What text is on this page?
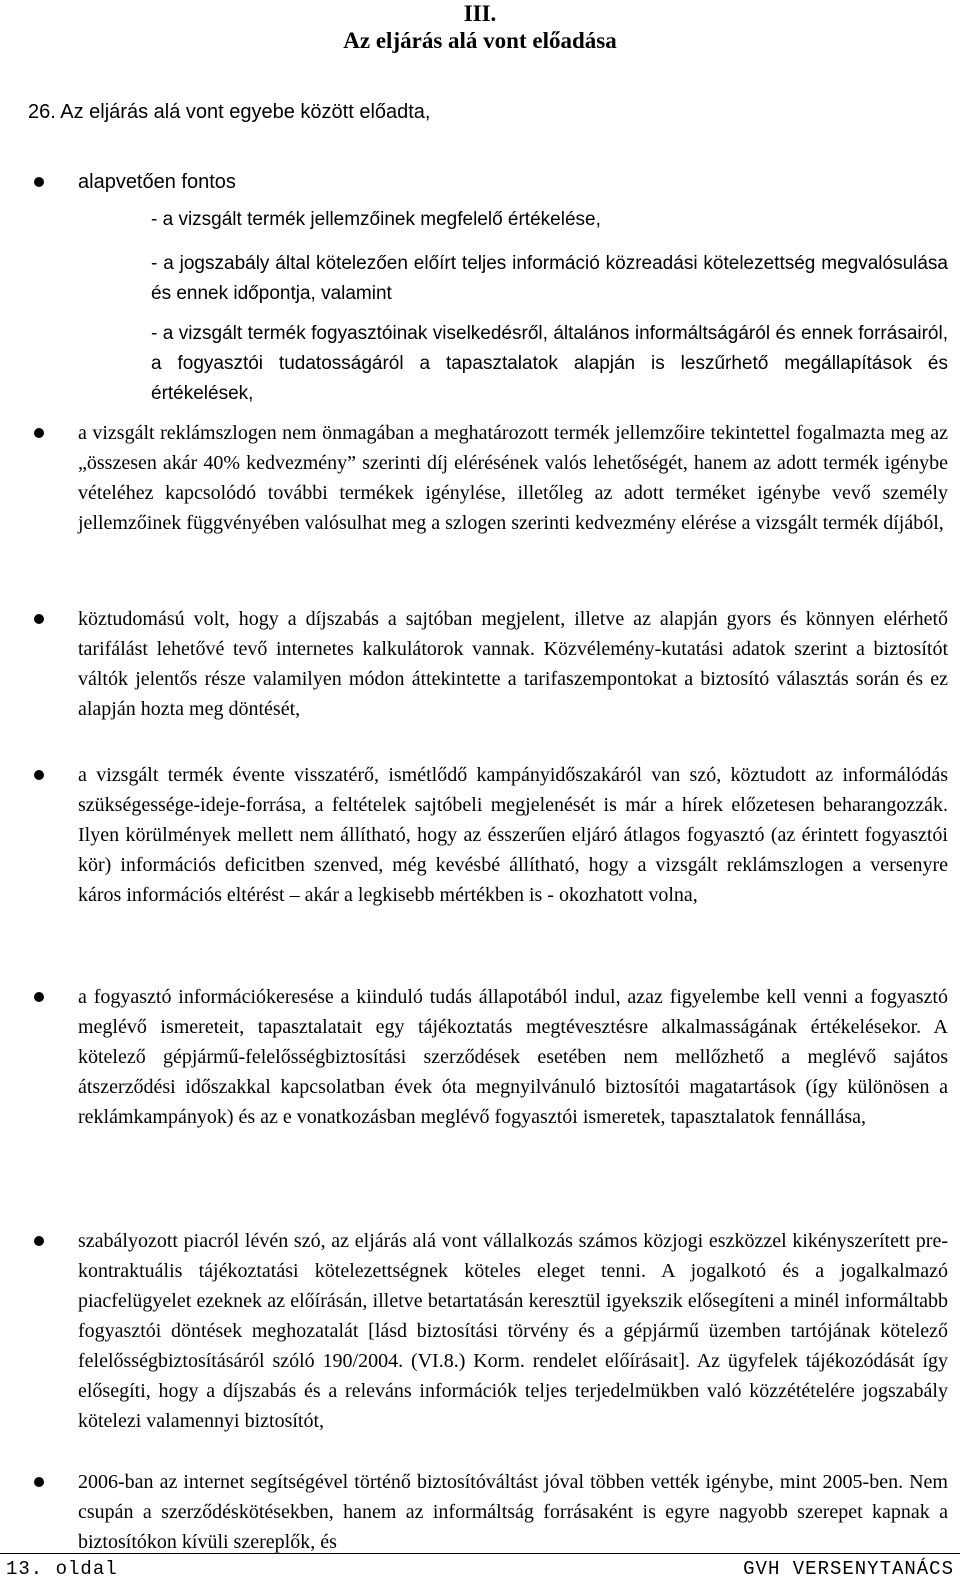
III.
Az eljárás alá vont előadása
26. Az eljárás alá vont egyebe között előadta,
alapvetően fontos
- a vizsgált termék jellemzőinek megfelelő értékelése,
- a jogszabály által kötelezően előírt teljes információ közreadási kötelezettség megvalósulása és ennek időpontja, valamint
- a vizsgált termék fogyasztóinak viselkedésről, általános informáltságáról és ennek forrásairól, a fogyasztói tudatosságáról a tapasztalatok alapján is leszűrhető megállapítások és értékelések,
a vizsgált reklámszlogen nem önmagában a meghatározott termék jellemzőire tekintettel fogalmazta meg az „összesen akár 40% kedvezmény” szerinti díj elérésének valós lehetőségét, hanem az adott termék igénybe vételéhez kapcsolódó további termékek igénylése, illetőleg az adott terméket igénybe vevő személy jellemzőinek függvényében valósulhat meg a szlogen szerinti kedvezmény elérése a vizsgált termék díjából,
köztudomású volt, hogy a díjszabás a sajtóban megjelent, illetve az alapján gyors és könnyen elérhető tarifálást lehetővé tevő internetes kalkulátorok vannak. Közvélemény-kutatási adatok szerint a biztosítót váltók jelentős része valamilyen módon áttekintette a tarifaszempontokat a biztosító választás során és ez alapján hozta meg döntését,
a vizsgált termék évente visszatérő, ismétlődő kampányidőszakáról van szó, köztudott az informálódás szükségessége-ideje-forrása, a feltételek sajtóbeli megjelenését is már a hírek előzetesen beharangozzák. Ilyen körülmények mellett nem állítható, hogy az ésszerűen eljáró átlagos fogyasztó (az érintett fogyasztói kör) információs deficitben szenved, még kevésbé állítható, hogy a vizsgált reklámszlogen a versenyre káros információs eltérést – akár a legkisebb mértékben is - okozhatott volna,
a fogyasztó információkeresése a kiinduló tudás állapotából indul, azaz figyelembe kell venni a fogyasztó meglévő ismereteit, tapasztalatait egy tájékoztatás megtévesztésre alkalmasságának értékelésekor. A kötelező gépjármű-felelősségbiztosítási szerződések esetében nem mellőzhető a meglévő sajátos átszerződési időszakkal kapcsolatban évek óta megnyilvánuló biztosítói magatartások (így különösen a reklámkampányok) és az e vonatkozásban meglévő fogyasztói ismeretek, tapasztalatok fennállása,
szabályozott piacról lévén szó, az eljárás alá vont vállalkozás számos közjogi eszközzel kikényszerített pre-kontraktuális tájékoztatási kötelezettségnek köteles eleget tenni. A jogalkotó és a jogalkalmazó piacfelügyelet ezeknek az előírásán, illetve betartatásán keresztül igyekszik elősegíteni a minél informáltabb fogyasztói döntések meghozatalát [lásd biztosítási törvény és a gépjármű üzemben tartójának kötelező felelősségbiztosításáról szóló 190/2004. (VI.8.) Korm. rendelet előírásait]. Az ügyfelek tájékozódását így elősegíti, hogy a díjszabás és a releváns információk teljes terjedelmükben való közzétételére jogszabály kötelezi valamennyi biztosítót,
2006-ban az internet segítségével történő biztosítóváltást jóval többen vették igénybe, mint 2005-ben. Nem csupán a szerződéskötésekben, hanem az informáltság forrásaként is egyre nagyobb szerepet kapnak a biztosítókon kívüli szereplők, és
13. oldal	GVH VERSENYTANÁCS
